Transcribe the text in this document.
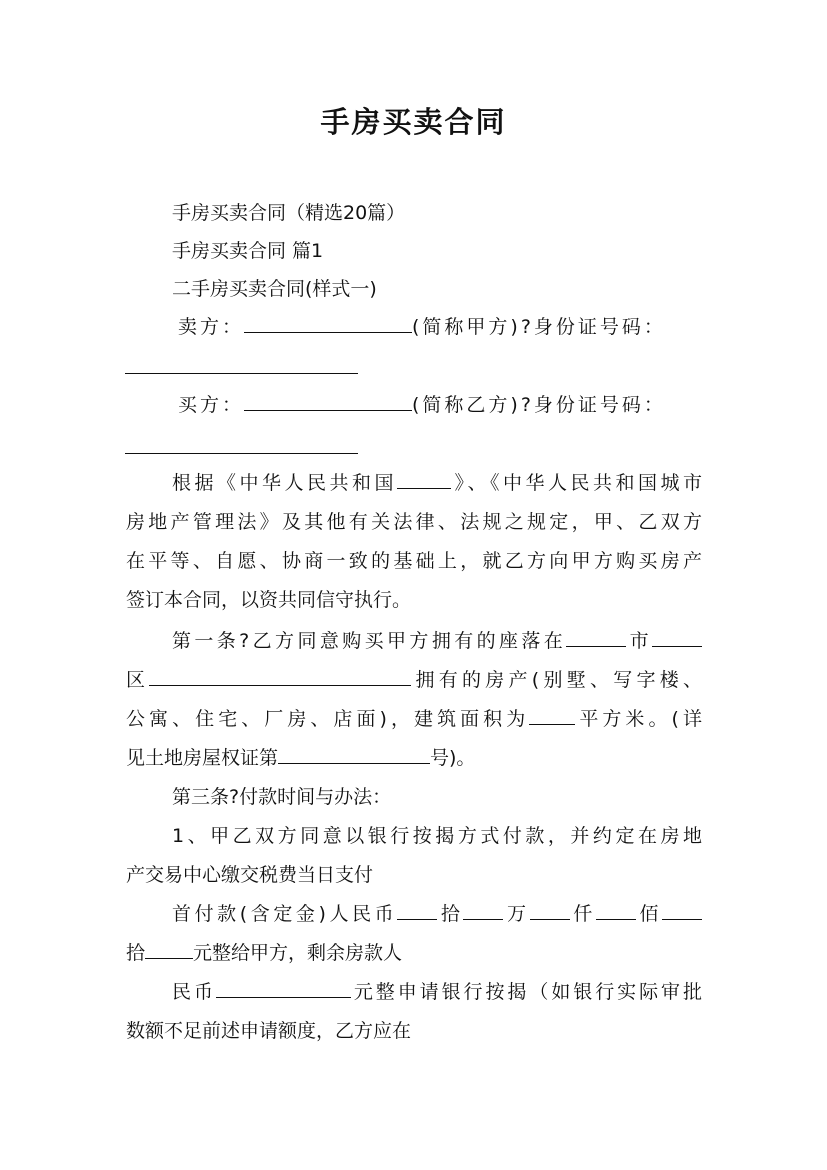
手房买卖合同

手房买卖合同（精选20篇）

手房买卖合同 篇1

二手房买卖合同(样式一)

卖方：	(简称甲方)?身份证号码：

买方：	(简称乙方)?身份证号码：

根据《中华人民共和国	》、《中华人民共和国城市

房地产管理法》及其他有关法律、法规之规定，甲、乙双方

在平等、自愿、协商一致的基础上，就乙方向甲方购买房产

签订本合同，以资共同信守执行。

第一条?乙方同意购买甲方拥有的座落在	市

区	拥有的房产(别墅、写字楼、

公寓、住宅、厂房、店面)，建筑面积为 平方米。(详

见土地房屋权证第	号)。

第三条?付款时间与办法：

1、甲乙双方同意以银行按揭方式付款，并约定在房地

产交易中心缴交税费当日支付

首付款(含定金)人民币 拾 万 仟 佰

拾	元整给甲方，剩余房款人

民币	元整申请银行按揭（如银行实际审批

数额不足前述申请额度，乙方应在
